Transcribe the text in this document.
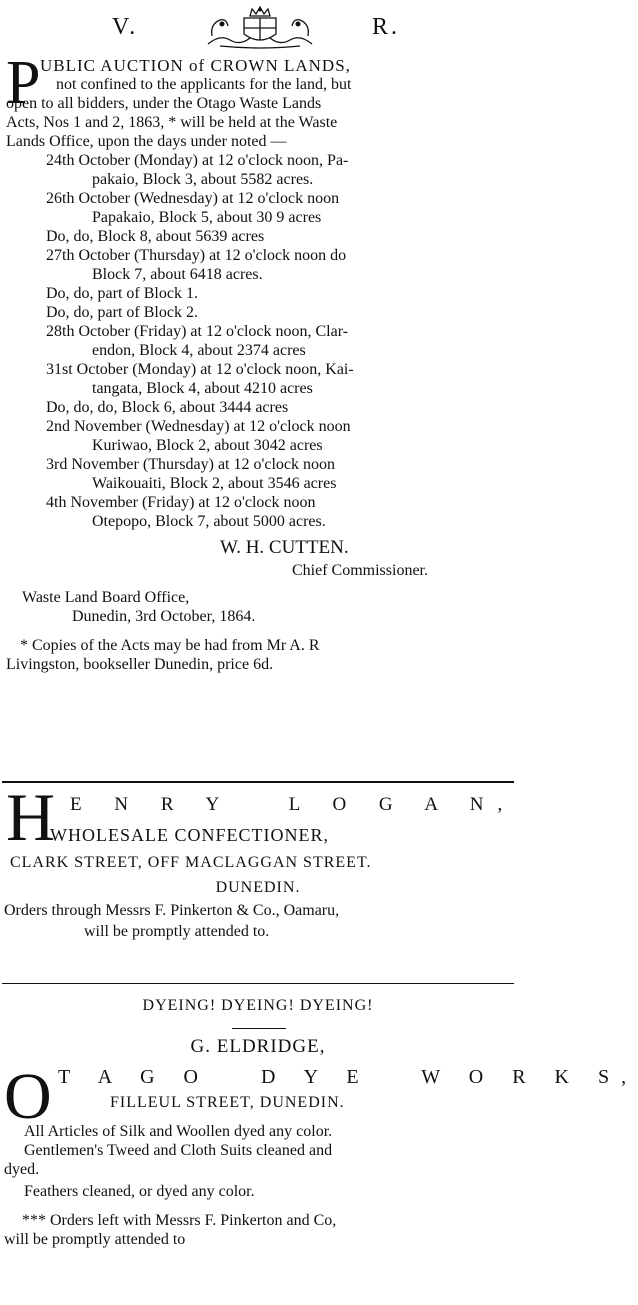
V.	R.
P UBLIC AUCTION of CROWN LANDS,
not confined to the applicants for the land, but
open to all bidders, under the Otago Waste Lands
Acts, Nos 1 and 2, 1863, * will be held at the Waste
Lands Office, upon the days under noted —
24th October (Monday) at 12 o'clock noon, Pa-
pakaio, Block 3, about 5582 acres.
26th October (Wednesday) at 12 o'clock noon
Papakaio, Block 5, about 30 9 acres
Do, do, Block 8, about 5639 acres
27th October (Thursday) at 12 o'clock noon do
Block 7, about 6418 acres.
Do, do, part of Block 1.
Do, do, part of Block 2.
28th October (Friday) at 12 o'clock noon, Clar-
endon, Block 4, about 2374 acres
31st October (Monday) at 12 o'clock noon, Kai-
tangata, Block 4, about 4210 acres
Do, do, do, Block 6, about 3444 acres
2nd November (Wednesday) at 12 o'clock noon
Kuriwao, Block 2, about 3042 acres
3rd November (Thursday) at 12 o'clock noon
Waikouaiti, Block 2, about 3546 acres
4th November (Friday) at 12 o'clock noon
Otepopo, Block 7, about 5000 acres.
W. H. CUTTEN.
Chief Commissioner.
Waste Land Board Office,
Dunedin, 3rd October, 1864.
* Copies of the Acts may be had from Mr A. R
Livingston, bookseller Dunedin, price 6d.
H E N R Y   L O G A N,
WHOLESALE CONFECTIONER,
CLARK STREET, OFF MACLAGGAN STREET.
DUNEDIN.
Orders through Messrs F. Pinkerton & Co., Oamaru,
will be promptly attended to.
DYEING! DYEING! DYEING!
G. ELDRIDGE,
O T A G O   D Y E   W O R K S,
FILLEUL STREET, DUNEDIN.
All Articles of Silk and Woollen dyed any color.
Gentlemen's Tweed and Cloth Suits cleaned and
dyed.
Feathers cleaned, or dyed any color.
*** Orders left with Messrs F. Pinkerton and Co,
will be promptly attended to
